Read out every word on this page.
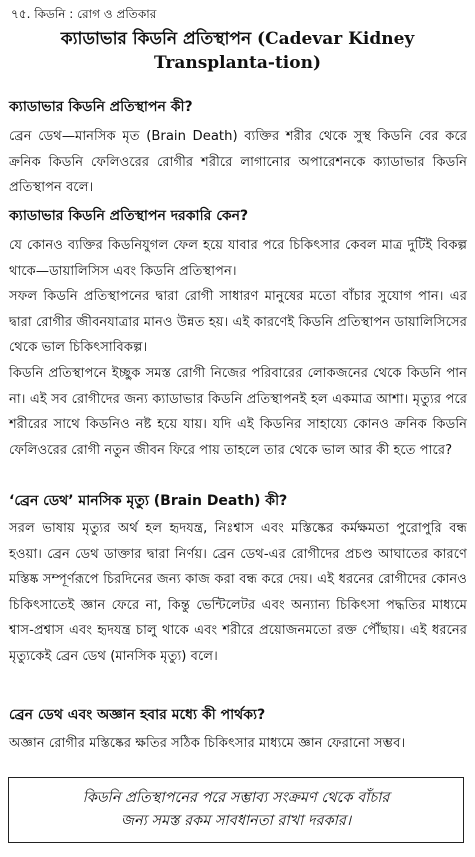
৭৫. কিডনি : রোগ ও প্রতিকার
ক্যাডাভার কিডনি প্রতিস্থাপন (Cadevar Kidney
Transplanta-tion)
ক্যাডাভার কিডনি প্রতিস্থাপন কী?

ব্রেন ডেথ—মানসিক মৃত (Brain Death) ব্যক্তির শরীর থেকে সুস্থ কিডনি বের করে ক্রনিক কিডনি ফেলিওরের রোগীর শরীরে লাগানোর অপারেশনকে ক্যাডাভার কিডনি প্রতিস্থাপন বলে।

ক্যাডাভার কিডনি প্রতিস্থাপন দরকারি কেন?

যে কোনও ব্যক্তির কিডনিযুগল ফেল হয়ে যাবার পরে চিকিৎসার কেবল মাত্র দুটিই বিকল্প থাকে—ডায়ালিসিস এবং কিডনি প্রতিস্থাপন।

সফল কিডনি প্রতিস্থাপনের দ্বারা রোগী সাধারণ মানুষের মতো বাঁচার সুযোগ পান। এর দ্বারা রোগীর জীবনযাত্রার মানও উন্নত হয়। এই কারণেই কিডনি প্রতিস্থাপন ডায়ালিসিসের থেকে ভাল চিকিৎসাবিকল্প।

কিডনি প্রতিস্থাপনে ইচ্ছুক সমস্ত রোগী নিজের পরিবারের লোকজনের থেকে কিডনি পান না। এই সব রোগীদের জন্য ক্যাডাভার কিডনি প্রতিস্থাপনই হল একমাত্র আশা। মৃত্যুর পরে শরীরের সাথে কিডনিও নষ্ট হয়ে যায়। যদি এই কিডনির সাহায্যে কোনও ক্রনিক কিডনি ফেলিওরের রোগী নতুন জীবন ফিরে পায় তাহলে তার থেকে ভাল আর কী হতে পারে?

‘ব্রেন ডেথ’ মানসিক মৃত্যু (Brain Death) কী?

সরল ভাষায় মৃত্যুর অর্থ হল হৃদযন্ত্র, নিঃশ্বাস এবং মস্তিষ্কের কর্মক্ষমতা পুরোপুরি বন্ধ হওয়া। ব্রেন ডেথ ডাক্তার দ্বারা নির্ণয়। ব্রেন ডেথ-এর রোগীদের প্রচণ্ড আঘাতের কারণে মস্তিষ্ক সম্পূর্ণরূপে চিরদিনের জন্য কাজ করা বন্ধ করে দেয়। এই ধরনের রোগীদের কোনও চিকিৎসাতেই জ্ঞান ফেরে না, কিন্তু ভেন্টিলেটর এবং অন্যান্য চিকিৎসা পদ্ধতির মাধ্যমে শ্বাস-প্রশ্বাস এবং হৃদযন্ত্র চালু থাকে এবং শরীরে প্রয়োজনমতো রক্ত পৌঁছায়। এই ধরনের মৃত্যুকেই ব্রেন ডেথ (মানসিক মৃত্যু) বলে।

ব্রেন ডেথ এবং অজ্ঞান হবার মধ্যে কী পার্থক্য?

অজ্ঞান রোগীর মস্তিষ্কের ক্ষতির সঠিক চিকিৎসার মাধ্যমে জ্ঞান ফেরানো সম্ভব।

কিডনি প্রতিস্থাপনের পরে সম্ভাব্য সংক্রমণ থেকে বাঁচার
জন্য সমস্ত রকম সাবধানতা রাখা দরকার।
